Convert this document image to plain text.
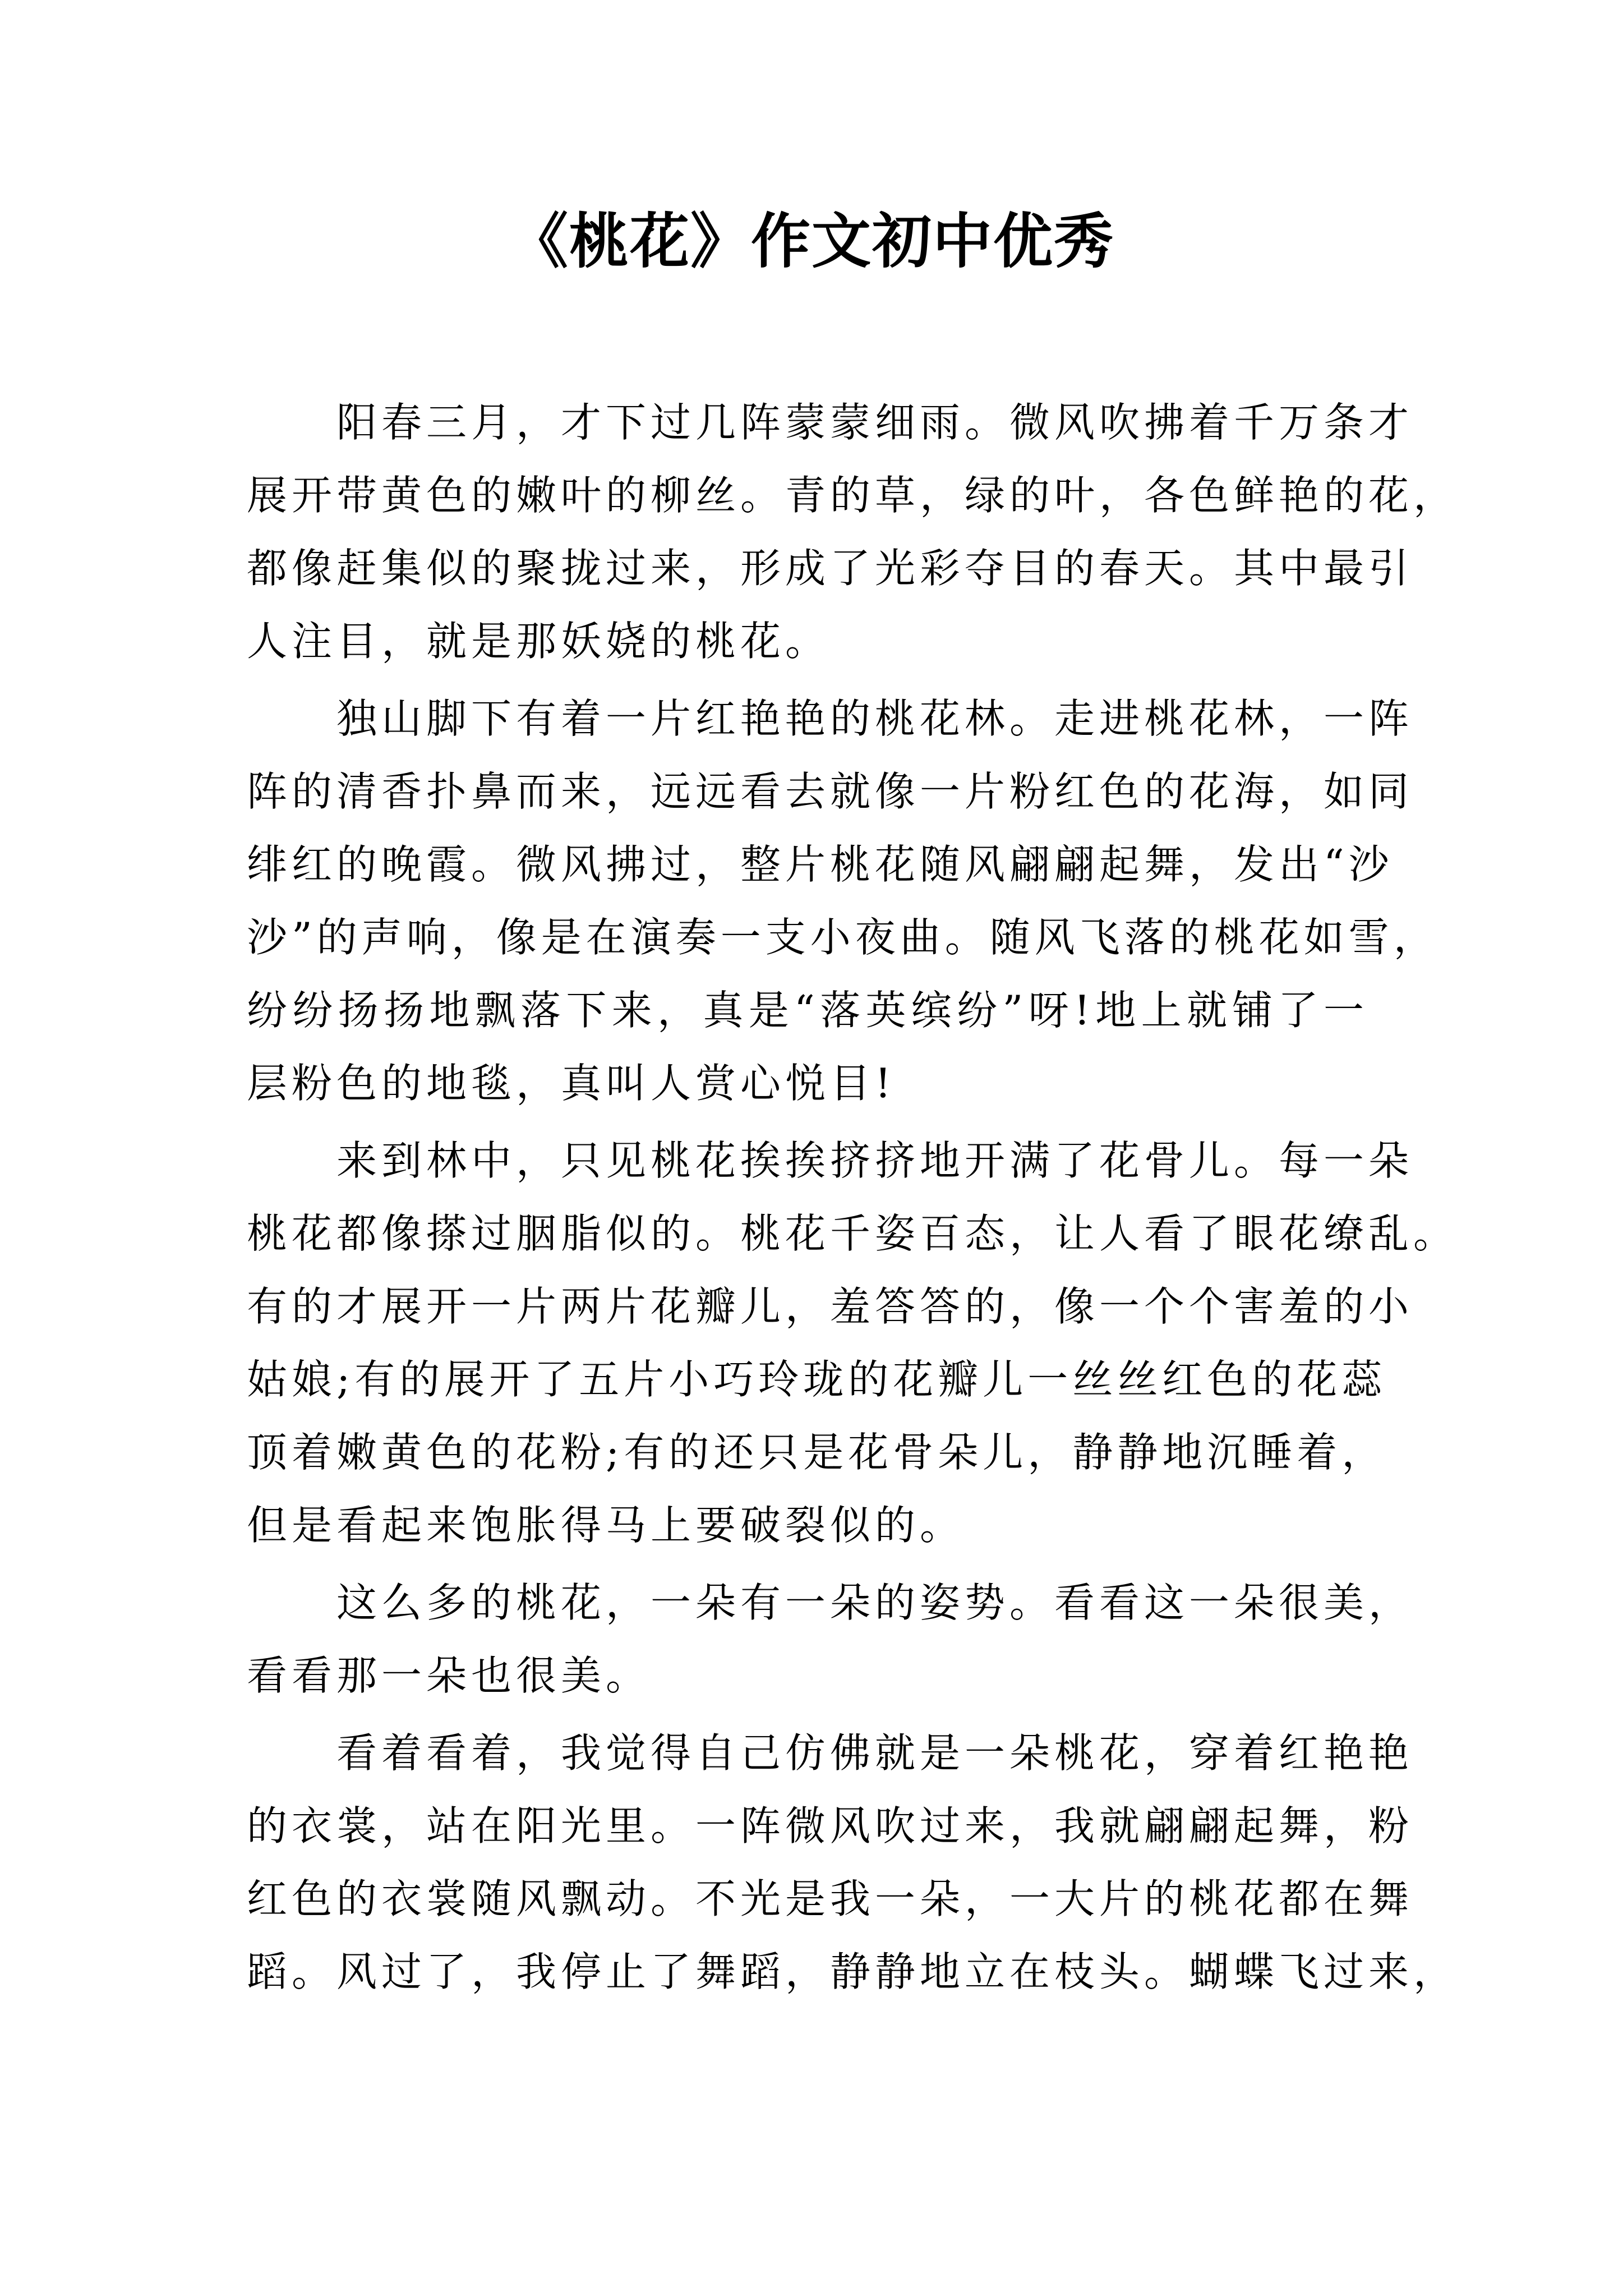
《桃花》作文初中优秀
阳春三月，才下过几阵蒙蒙细雨。微风吹拂着千万条才
展开带黄色的嫩叶的柳丝。青的草，绿的叶，各色鲜艳的花，
都像赶集似的聚拢过来，形成了光彩夺目的春天。其中最引
人注目，就是那妖娆的桃花。
独山脚下有着一片红艳艳的桃花林。走进桃花林，一阵
阵的清香扑鼻而来，远远看去就像一片粉红色的花海，如同
绯红的晚霞。微风拂过，整片桃花随风翩翩起舞，发出“沙
沙”的声响，像是在演奏一支小夜曲。随风飞落的桃花如雪，
纷纷扬扬地飘落下来，真是“落英缤纷”呀!地上就铺了一
层粉色的地毯，真叫人赏心悦目!
来到林中，只见桃花挨挨挤挤地开满了花骨儿。每一朵
桃花都像搽过胭脂似的。桃花千姿百态，让人看了眼花缭乱。
有的才展开一片两片花瓣儿，羞答答的，像一个个害羞的小
姑娘;有的展开了五片小巧玲珑的花瓣儿一丝丝红色的花蕊
顶着嫩黄色的花粉;有的还只是花骨朵儿，静静地沉睡着，
但是看起来饱胀得马上要破裂似的。
这么多的桃花，一朵有一朵的姿势。看看这一朵很美，
看看那一朵也很美。
看着看着，我觉得自己仿佛就是一朵桃花，穿着红艳艳
的衣裳，站在阳光里。一阵微风吹过来，我就翩翩起舞，粉
红色的衣裳随风飘动。不光是我一朵，一大片的桃花都在舞
蹈。风过了，我停止了舞蹈，静静地立在枝头。蝴蝶飞过来，
